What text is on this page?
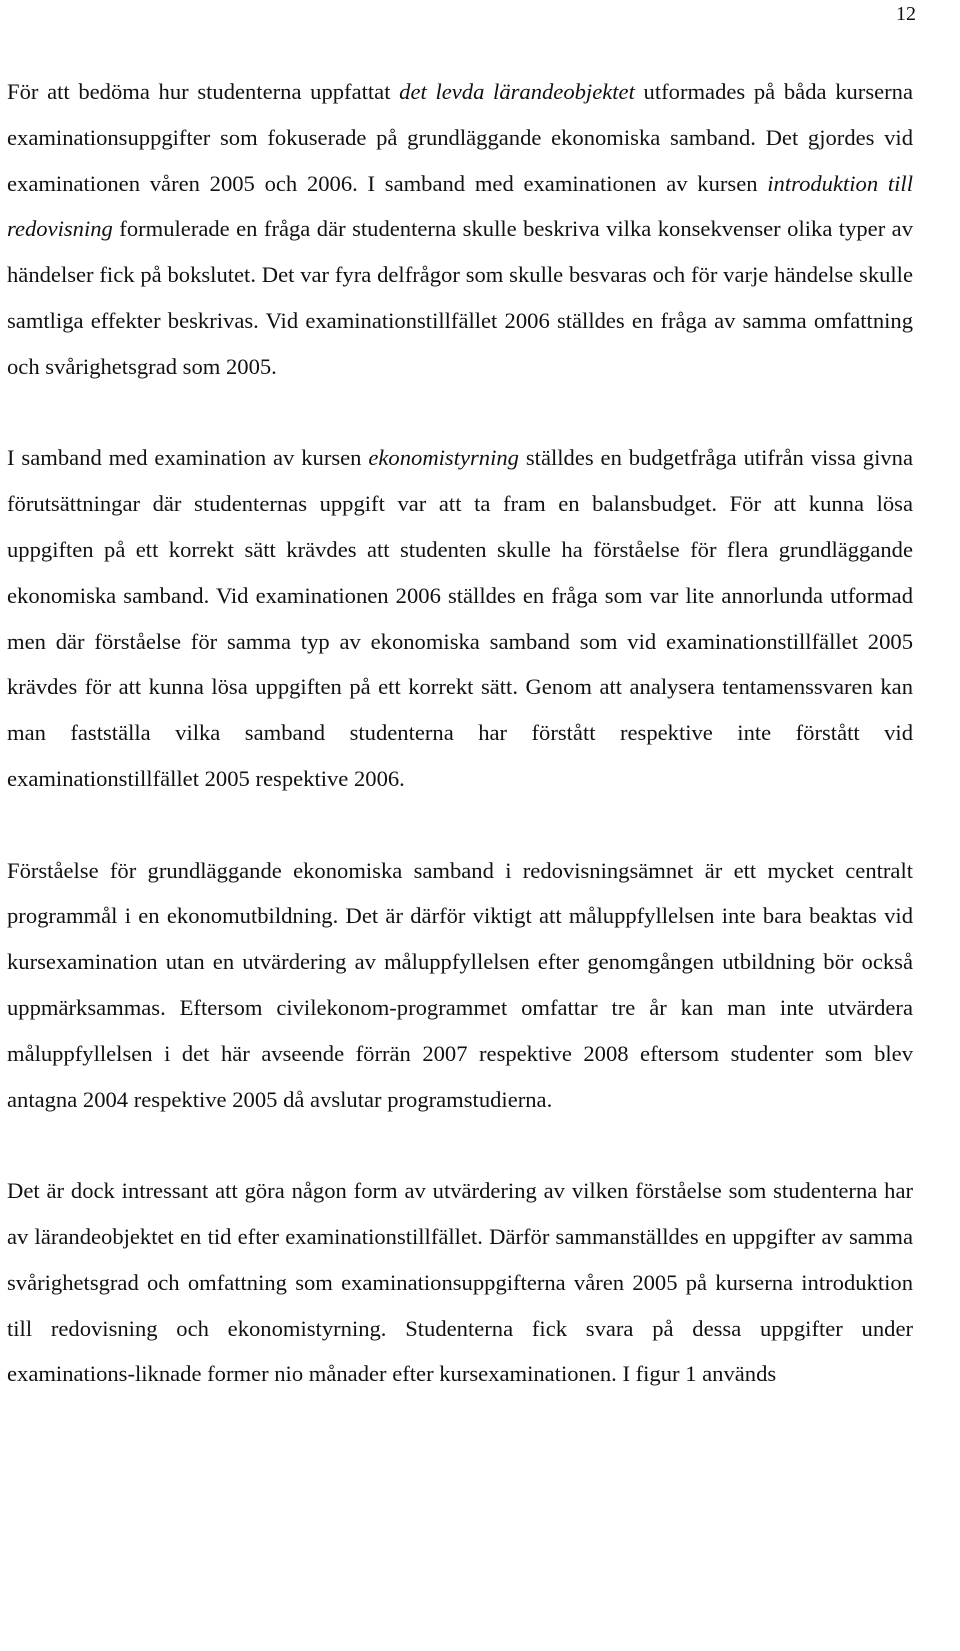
12

För att bedöma hur studenterna uppfattat det levda lärandeobjektet utformades på båda kurserna examinationsuppgifter som fokuserade på grundläggande ekonomiska samband. Det gjordes vid examinationen våren 2005 och 2006. I samband med examinationen av kursen introduktion till redovisning formulerade en fråga där studenterna skulle beskriva vilka konsekvenser olika typer av händelser fick på bokslutet. Det var fyra delfrågor som skulle besvaras och för varje händelse skulle samtliga effekter beskrivas. Vid examinationstillfället 2006 ställdes en fråga av samma omfattning och svårighetsgrad som 2005.

I samband med examination av kursen ekonomistyrning ställdes en budgetfråga utifrån vissa givna förutsättningar där studenternas uppgift var att ta fram en balansbudget. För att kunna lösa uppgiften på ett korrekt sätt krävdes att studenten skulle ha förståelse för flera grundläggande ekonomiska samband. Vid examinationen 2006 ställdes en fråga som var lite annorlunda utformad men där förståelse för samma typ av ekonomiska samband som vid examinationstillfället 2005 krävdes för att kunna lösa uppgiften på ett korrekt sätt. Genom att analysera tentamenssvaren kan man fastställa vilka samband studenterna har förstått respektive inte förstått vid examinationstillfället 2005 respektive 2006.

Förståelse för grundläggande ekonomiska samband i redovisningsämnet är ett mycket centralt programmål i en ekonomutbildning. Det är därför viktigt att måluppfyllelsen inte bara beaktas vid kursexamination utan en utvärdering av måluppfyllelsen efter genomgången utbildning bör också uppmärksammas. Eftersom civilekonom-programmet omfattar tre år kan man inte utvärdera måluppfyllelsen i det här avseende förrän 2007 respektive 2008 eftersom studenter som blev antagna 2004 respektive 2005 då avslutar programstudierna.

Det är dock intressant att göra någon form av utvärdering av vilken förståelse som studenterna har av lärandeobjektet en tid efter examinationstillfället. Därför sammanställdes en uppgifter av samma svårighetsgrad och omfattning som examinationsuppgifterna våren 2005 på kurserna introduktion till redovisning och ekonomistyrning. Studenterna fick svara på dessa uppgifter under examinations-liknade former nio månader efter kursexaminationen. I figur 1 används
